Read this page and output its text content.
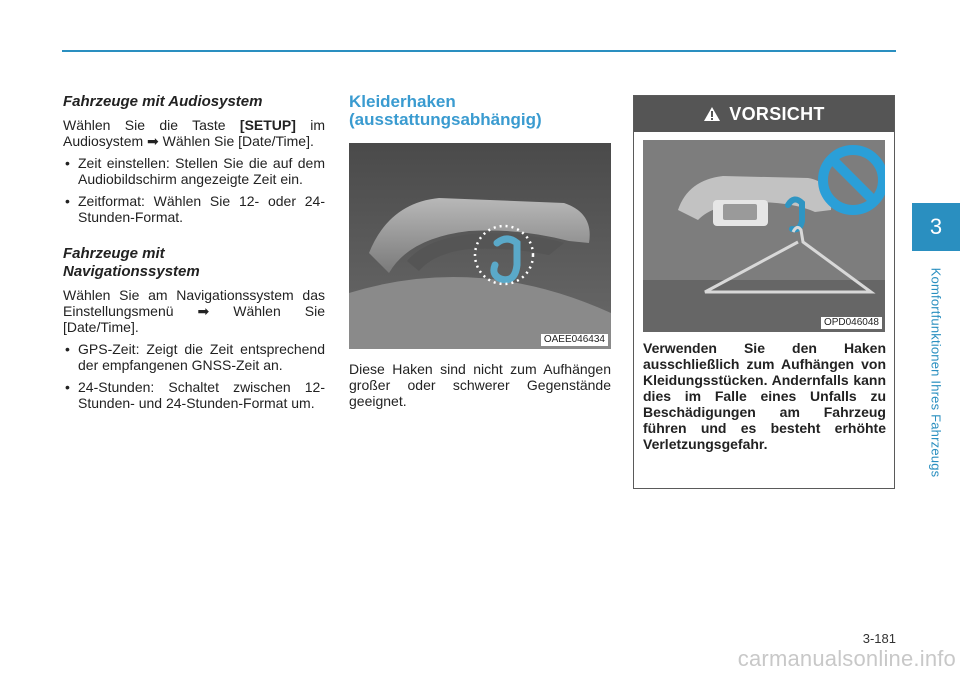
Fahrzeuge mit Audiosystem

Wählen Sie die Taste [SETUP] im Audiosystem ➡ Wählen Sie [Date/Time].

• Zeit einstellen: Stellen Sie die auf dem Audiobildschirm angezeigte Zeit ein.
• Zeitformat: Wählen Sie 12- oder 24-Stunden-Format.
Fahrzeuge mit
Navigationssystem

Wählen Sie am Navigationssystem das Einstellungsmenü ➡ Wählen Sie [Date/Time].

• GPS-Zeit: Zeigt die Zeit entsprechend der empfangenen GNSS-Zeit an.
• 24-Stunden: Schaltet zwischen 12- Stunden- und 24-Stunden-Format um.
Kleiderhaken
(ausstattungsabhängig)
OAEE046434

Diese Haken sind nicht zum Aufhängen großer oder schwerer Gegenstände geeignet.

VORSICHT
OPD046048

Verwenden Sie den Haken ausschließlich zum Aufhängen von Kleidungsstücken. Andernfalls kann dies im Falle eines Unfalls zu Beschädigungen am Fahrzeug führen und es besteht erhöhte Verletzungsgefahr.

3
Komfortfunktionen Ihres Fahrzeugs
3-181
carmanualsonline.info
